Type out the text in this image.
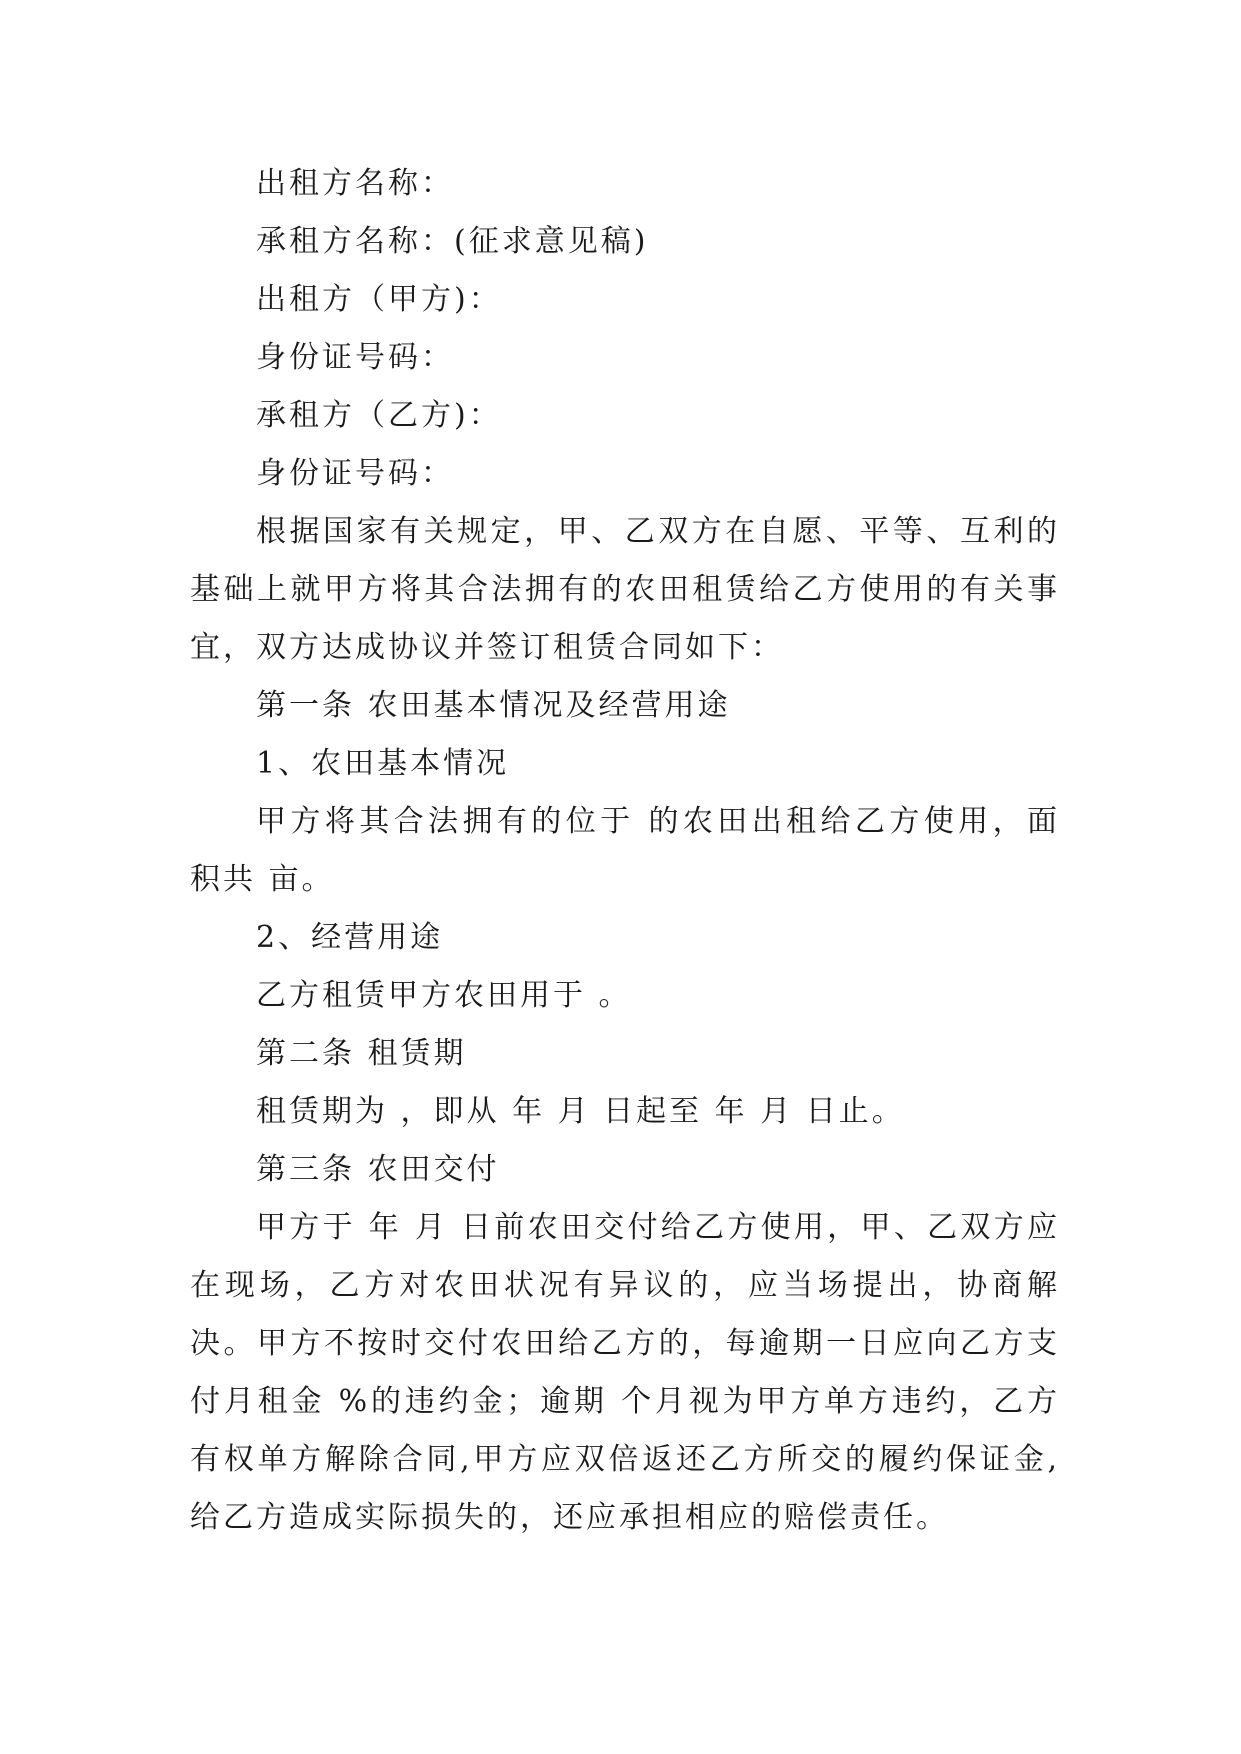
出租方名称：

承租方名称：(征求意见稿)

出租方（甲方)：

身份证号码：

承租方（乙方)：

身份证号码：

根据国家有关规定，甲、乙双方在自愿、平等、互利的基础上就甲方将其合法拥有的农田租赁给乙方使用的有关事宜，双方达成协议并签订租赁合同如下：

第一条 农田基本情况及经营用途

1、农田基本情况

甲方将其合法拥有的位于 的农田出租给乙方使用，面积共 亩。

2、经营用途

乙方租赁甲方农田用于 。

第二条 租赁期

租赁期为 ，即从 年 月 日起至 年 月 日止。

第三条 农田交付

甲方于 年 月 日前农田交付给乙方使用，甲、乙双方应在现场，乙方对农田状况有异议的，应当场提出，协商解决。甲方不按时交付农田给乙方的，每逾期一日应向乙方支付月租金 %的违约金；逾期 个月视为甲方单方违约，乙方有权单方解除合同,甲方应双倍返还乙方所交的履约保证金,给乙方造成实际损失的，还应承担相应的赔偿责任。
